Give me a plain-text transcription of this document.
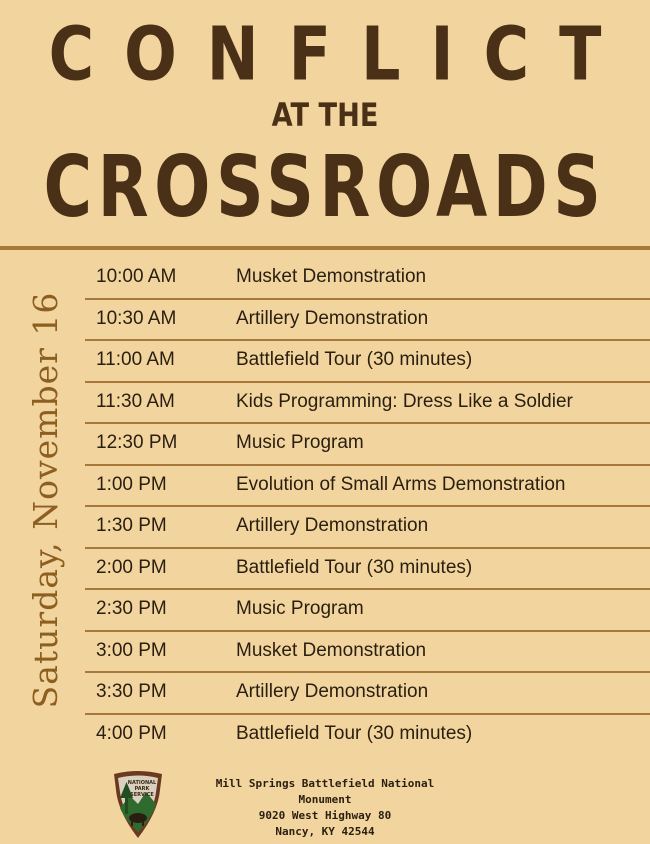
CONFLICT
AT THE
CROSSROADS
Saturday, November 16
10:00 AM	Musket Demonstration
10:30 AM	Artillery Demonstration
11:00 AM	Battlefield Tour (30 minutes)
11:30 AM	Kids Programming: Dress Like a Soldier
12:30 PM	Music Program
1:00 PM	Evolution of Small Arms Demonstration
1:30 PM	Artillery Demonstration
2:00 PM	Battlefield Tour (30 minutes)
2:30 PM	Music Program
3:00 PM	Musket Demonstration
3:30 PM	Artillery Demonstration
4:00 PM	Battlefield Tour (30 minutes)
NATIONAL
PARK
SERVICE
Mill Springs Battlefield National
Monument
9020 West Highway 80
Nancy, KY 42544
